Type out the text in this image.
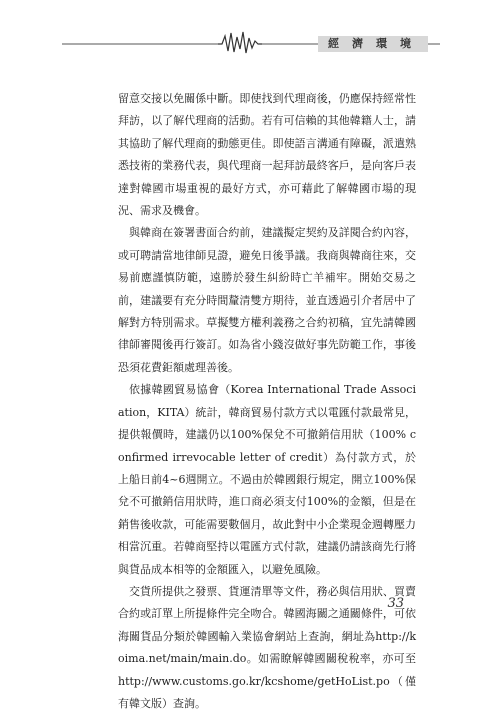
經濟環境

留意交接以免關係中斷。即使找到代理商後，仍應保持經常性拜訪，以了解代理商的活動。若有可信賴的其他韓籍人士，請其協助了解代理商的動態更佳。即使語言溝通有障礙，派遣熟悉技術的業務代表，與代理商一起拜訪最終客戶，是向客戶表達對韓國市場重視的最好方式，亦可藉此了解韓國市場的現況、需求及機會。

與韓商在簽署書面合約前，建議擬定契約及詳閱合約內容，或可聘請當地律師見證，避免日後爭議。我商與韓商往來，交易前應謹慎防範，遠勝於發生糾紛時亡羊補牢。開始交易之前，建議要有充分時間釐清雙方期待，並直透過引介者居中了解對方特別需求。草擬雙方權利義務之合約初稿，宜先請韓國律師審閱後再行簽訂。如為省小錢沒做好事先防範工作，事後恐須花費鉅額處理善後。

依據韓國貿易協會（Korea International Trade Association，KITA）統計，韓商貿易付款方式以電匯付款最常見，提供報價時，建議仍以100%保兌不可撤銷信用狀（100% confirmed irrevocable letter of credit）為付款方式，於上船日前4~6週開立。不過由於韓國銀行規定，開立100%保兌不可撤銷信用狀時，進口商必須支付100%的金額，但是在銷售後收款，可能需要數個月，故此對中小企業現金週轉壓力相當沉重。若韓商堅持以電匯方式付款，建議仍請該商先行將與貨品成本相等的金額匯入，以避免風險。

交貨所提供之發票、貨運清單等文件，務必與信用狀、買賣合約或訂單上所提條件完全吻合。韓國海關之通關條件，可依海關貨品分類於韓國輸入業協會網站上查詢，網址為http://koima.net/main/main.do。如需瞭解韓國關稅稅率，亦可至http://www.customs.go.kr/kcshome/getHoList.po（僅有韓文版）查詢。

33
